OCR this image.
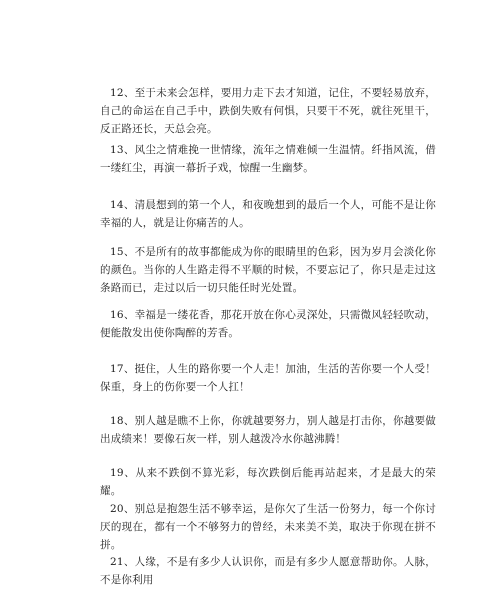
12、至于未来会怎样，要用力走下去才知道，记住，不要轻易放弃，自己的命运在自己手中，跌倒失败有何惧，只要干不死，就往死里干，反正路还长，天总会亮。

13、风尘之情难挽一世情缘，流年之情难倾一生温情。纤指风流，借一缕红尘，再演一幕折子戏，惊醒一生幽梦。

14、清晨想到的第一个人，和夜晚想到的最后一个人，可能不是让你幸福的人，就是让你痛苦的人。

15、不是所有的故事都能成为你的眼睛里的色彩，因为岁月会淡化你的颜色。当你的人生路走得不平顺的时候，不要忘记了，你只是走过这条路而已，走过以后一切只能任时光处置。

16、幸福是一缕花香，那花开放在你心灵深处，只需微风轻轻吹动，便能散发出使你陶醉的芳香。

17、挺住，人生的路你要一个人走！加油，生活的苦你要一个人受！保重，身上的伤你要一个人扛！

18、别人越是瞧不上你，你就越要努力，别人越是打击你，你越要做出成绩来！要像石灰一样，别人越泼冷水你越沸腾！

19、从来不跌倒不算光彩，每次跌倒后能再站起来，才是最大的荣耀。

20、别总是抱怨生活不够幸运，是你欠了生活一份努力，每一个你讨厌的现在，都有一个不够努力的曾经，未来美不美，取决于你现在拼不拼。

21、人缘，不是有多少人认识你，而是有多少人愿意帮助你。人脉，不是你利用
